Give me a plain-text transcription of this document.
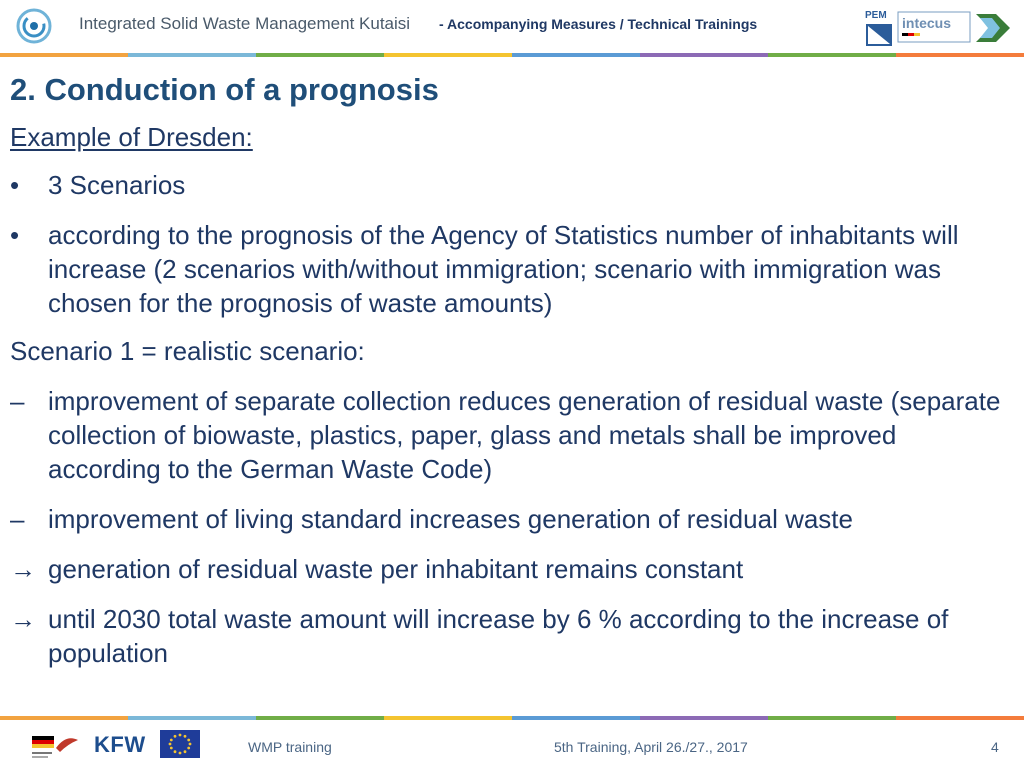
Integrated Solid Waste Management Kutaisi - Accompanying Measures / Technical Trainings
PEM intecus
2. Conduction of a prognosis
Example of Dresden:
•	3 Scenarios
•	according to the prognosis of the Agency of Statistics number of inhabitants will increase (2 scenarios with/without immigration; scenario with immigration was chosen for the prognosis of waste amounts)
Scenario 1 = realistic scenario:
– improvement of separate collection reduces generation of residual waste (separate collection of biowaste, plastics, paper, glass and metals shall be improved according to the German Waste Code)
– improvement of living standard increases generation of residual waste
→ generation of residual waste per inhabitant remains constant
→ until 2030 total waste amount will increase by 6 % according to the increase of population
KFW	WMP training	5th Training, April 26./27., 2017	4
